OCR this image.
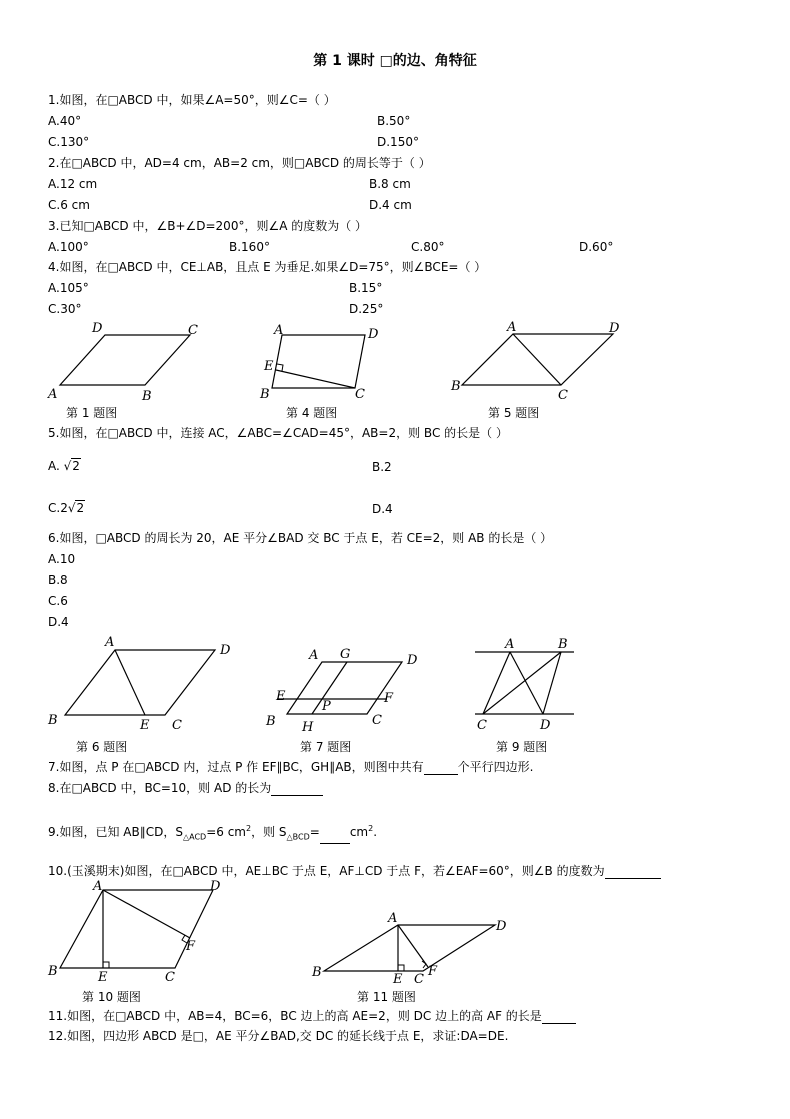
第 1 课时 □的边、角特征
1.如图，在□ABCD 中，如果∠A=50°，则∠C=（ ）
A.40°	B.50°
C.130°	D.150°
2.在□ABCD 中，AD=4 cm，AB=2 cm，则□ABCD 的周长等于（ ）
A.12 cm	B.8 cm
C.6 cm	D.4 cm
3.已知□ABCD 中，∠B+∠D=200°，则∠A 的度数为（ ）
A.100°	B.160°	C.80°	D.60°
4.如图，在□ABCD 中，CE⊥AB，且点 E 为垂足.如果∠D=75°，则∠BCE=（ ）
A.105°	B.15°
C.30°	D.25°
D	C
A	B
第 1 题图
A	D
E
B	C
第 4 题图
A	D
B
C
第 5 题图
5.如图，在□ABCD 中，连接 AC，∠ABC=∠CAD=45°，AB=2，则 BC 的长是（ ）
A. √2	B.2
C.2√2	D.4
6.如图，□ABCD 的周长为 20，AE 平分∠BAD 交 BC 于点 E，若 CE=2，则 AB 的长是（ ）
A.10
B.8
C.6
D.4
A
D
B	E C
第 6 题图
A G	D
E	F
P
B H	C
第 7 题图
A	B
C	D
第 9 题图
7.如图，点 P 在□ABCD 内，过点 P 作 EF∥BC，GH∥AB，则图中共有	个平行四边形.
8.在□ABCD 中，BC=10，则 AD 的长为
9.如图，已知 AB∥CD，$S_{\triangle ACD}=6$ $cm^2$，则 $S_{\triangle BCD}=$	$cm^2$.
10.(玉溪期末)如图，在□ABCD 中，AE⊥BC 于点 E，AF⊥CD 于点 F，若∠EAF=60°，则∠B 的度数为
A	D
F
B	E	C
第 10 题图
A
D
B	E C
F
第 11 题图
11.如图，在□ABCD 中，AB=4，BC=6，BC 边上的高 AE=2，则 DC 边上的高 AF 的长是
12.如图，四边形 ABCD 是□，AE 平分∠BAD,交 DC 的延长线于点 E，求证:DA=DE.
